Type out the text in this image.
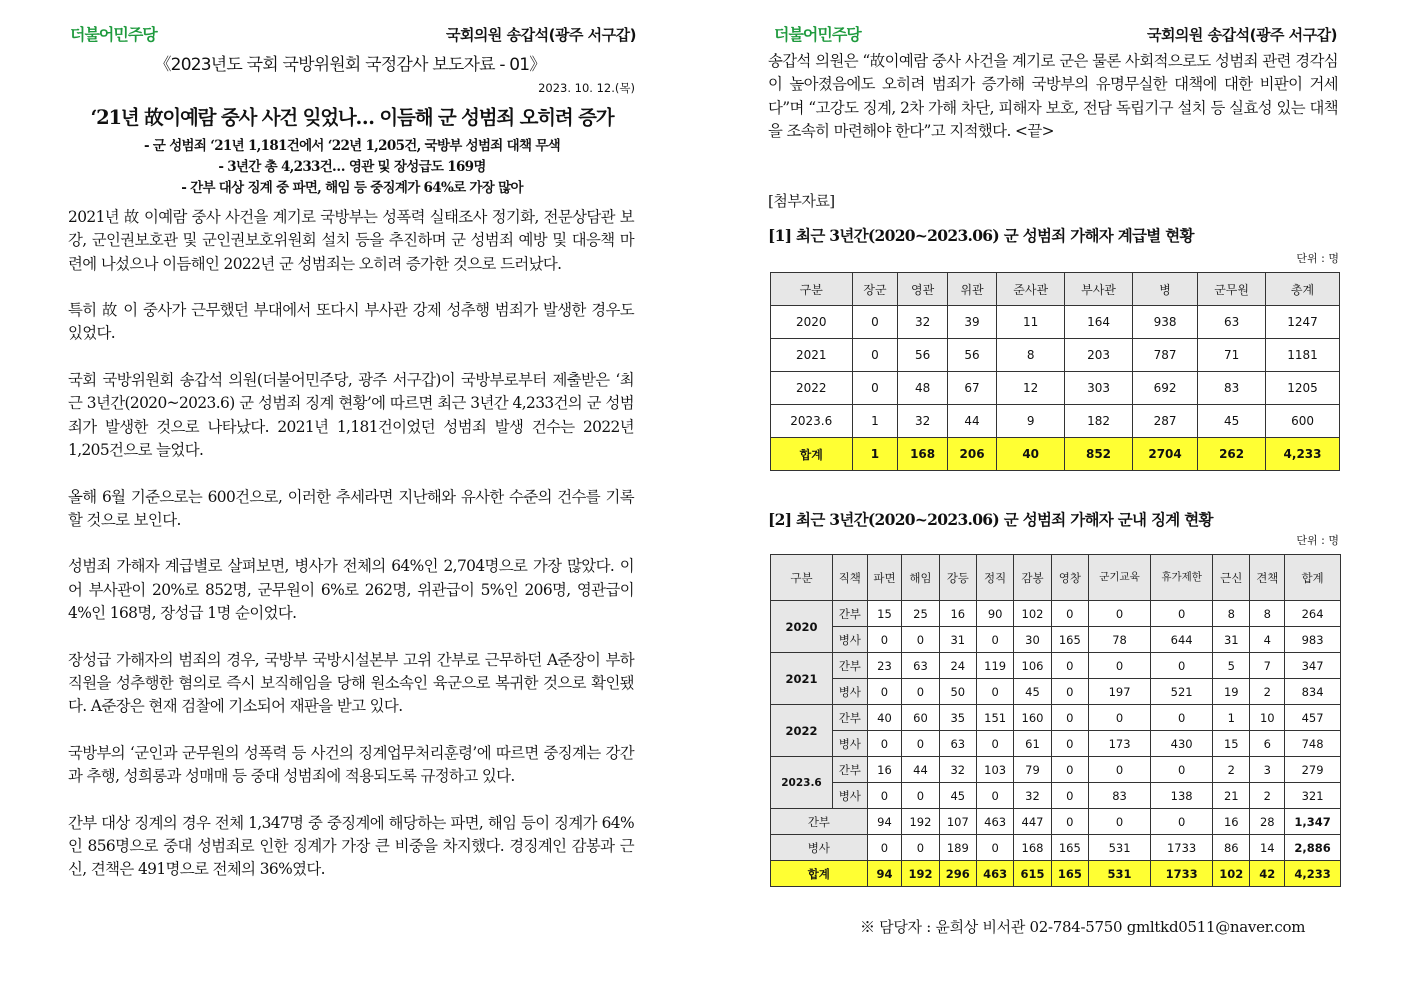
더불어민주당	국회의원 송갑석(광주 서구갑)
《2023년도 국회 국방위원회 국정감사 보도자료 - 01》
2023. 10. 12.(목)
‘21년 故이예람 중사 사건 잊었나… 이듬해 군 성범죄 오히려 증가
- 군 성범죄 ‘21년 1,181건에서 ‘22년 1,205건, 국방부 성범죄 대책 무색
- 3년간 총 4,233건… 영관 및 장성급도 169명
- 간부 대상 징계 중 파면, 해임 등 중징계가 64%로 가장 많아

2021년 故 이예람 중사 사건을 계기로 국방부는 성폭력 실태조사 정기화, 전문상담관 보강, 군인권보호관 및 군인권보호위원회 설치 등을 추진하며 군 성범죄 예방 및 대응책 마련에 나섰으나 이듬해인 2022년 군 성범죄는 오히려 증가한 것으로 드러났다.

특히 故 이 중사가 근무했던 부대에서 또다시 부사관 강제 성추행 범죄가 발생한 경우도 있었다.

국회 국방위원회 송갑석 의원(더불어민주당, 광주 서구갑)이 국방부로부터 제출받은 ‘최근 3년간(2020~2023.6) 군 성범죄 징계 현황’에 따르면 최근 3년간 4,233건의 군 성범죄가 발생한 것으로 나타났다. 2021년 1,181건이었던 성범죄 발생 건수는 2022년 1,205건으로 늘었다.

올해 6월 기준으로는 600건으로, 이러한 추세라면 지난해와 유사한 수준의 건수를 기록할 것으로 보인다.

성범죄 가해자 계급별로 살펴보면, 병사가 전체의 64%인 2,704명으로 가장 많았다. 이어 부사관이 20%로 852명, 군무원이 6%로 262명, 위관급이 5%인 206명, 영관급이 4%인 168명, 장성급 1명 순이었다.

장성급 가해자의 범죄의 경우, 국방부 국방시설본부 고위 간부로 근무하던 A준장이 부하 직원을 성추행한 혐의로 즉시 보직해임을 당해 원소속인 육군으로 복귀한 것으로 확인됐다. A준장은 현재 검찰에 기소되어 재판을 받고 있다.

국방부의 ‘군인과 군무원의 성폭력 등 사건의 징계업무처리훈령’에 따르면 중징계는 강간과 추행, 성희롱과 성매매 등 중대 성범죄에 적용되도록 규정하고 있다.

간부 대상 징계의 경우 전체 1,347명 중 중징계에 해당하는 파면, 해임 등이 징계가 64%인 856명으로 중대 성범죄로 인한 징계가 가장 큰 비중을 차지했다. 경징계인 감봉과 근신, 견책은 491명으로 전체의 36%였다.

더불어민주당	국회의원 송갑석(광주 서구갑)
송갑석 의원은 “故이예람 중사 사건을 계기로 군은 물론 사회적으로도 성범죄 관련 경각심이 높아졌음에도 오히려 범죄가 증가해 국방부의 유명무실한 대책에 대한 비판이 거세다”며 “고강도 징계, 2차 가해 차단, 피해자 보호, 전담 독립기구 설치 등 실효성 있는 대책을 조속히 마련해야 한다”고 지적했다. <끝>
[첨부자료]
[1] 최근 3년간(2020~2023.06) 군 성범죄 가해자 계급별 현황
단위 : 명
구분	장군	영관	위관	준사관	부사관	병	군무원	총계
2020	0	32	39	11	164	938	63	1247
2021	0	56	56	8	203	787	71	1181
2022	0	48	67	12	303	692	83	1205
2023.6	1	32	44	9	182	287	45	600
합계	1	168	206	40	852	2704	262	4,233
[2] 최근 3년간(2020~2023.06) 군 성범죄 가해자 군내 징계 현황
단위 : 명
구분	직책	파면	해임	강등	정직	감봉	영창	군기교육	휴가제한	근신	견책	합계
2020	간부	15	25	16	90	102	0	0	0	8	8	264
	병사	0	0	31	0	30	165	78	644	31	4	983
2021	간부	23	63	24	119	106	0	0	0	5	7	347
	병사	0	0	50	0	45	0	197	521	19	2	834
2022	간부	40	60	35	151	160	0	0	0	1	10	457
	병사	0	0	63	0	61	0	173	430	15	6	748
2023.6	간부	16	44	32	103	79	0	0	0	2	3	279
	병사	0	0	45	0	32	0	83	138	21	2	321
간부		94	192	107	463	447	0	0	0	16	28	1,347
병사		0	0	189	0	168	165	531	1733	86	14	2,886
합계		94	192	296	463	615	165	531	1733	102	42	4,233
※ 담당자 : 윤희상 비서관 02-784-5750 gmltkd0511@naver.com
